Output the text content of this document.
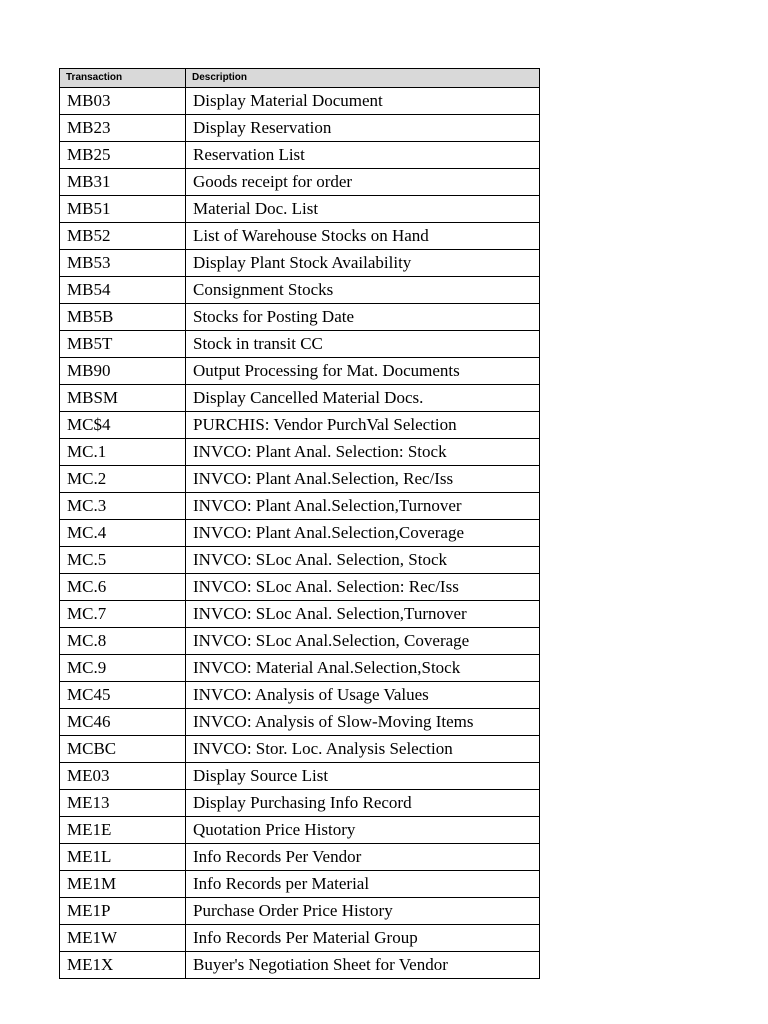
Transaction	Description
MB03	Display Material Document
MB23	Display Reservation
MB25	Reservation List
MB31	Goods receipt for order
MB51	Material Doc. List
MB52	List of Warehouse Stocks on Hand
MB53	Display Plant Stock Availability
MB54	Consignment Stocks
MB5B	Stocks for Posting Date
MB5T	Stock in transit CC
MB90	Output Processing for Mat. Documents
MBSM	Display Cancelled Material Docs.
MC$4	PURCHIS: Vendor PurchVal Selection
MC.1	INVCO: Plant Anal. Selection: Stock
MC.2	INVCO: Plant Anal.Selection, Rec/Iss
MC.3	INVCO: Plant Anal.Selection,Turnover
MC.4	INVCO: Plant Anal.Selection,Coverage
MC.5	INVCO: SLoc Anal. Selection, Stock
MC.6	INVCO: SLoc Anal. Selection: Rec/Iss
MC.7	INVCO: SLoc Anal. Selection,Turnover
MC.8	INVCO: SLoc Anal.Selection, Coverage
MC.9	INVCO: Material Anal.Selection,Stock
MC45	INVCO: Analysis of Usage Values
MC46	INVCO: Analysis of Slow-Moving Items
MCBC	INVCO: Stor. Loc. Analysis Selection
ME03	Display Source List
ME13	Display Purchasing Info Record
ME1E	Quotation Price History
ME1L	Info Records Per Vendor
ME1M	Info Records per Material
ME1P	Purchase Order Price History
ME1W	Info Records Per Material Group
ME1X	Buyer's Negotiation Sheet for Vendor
